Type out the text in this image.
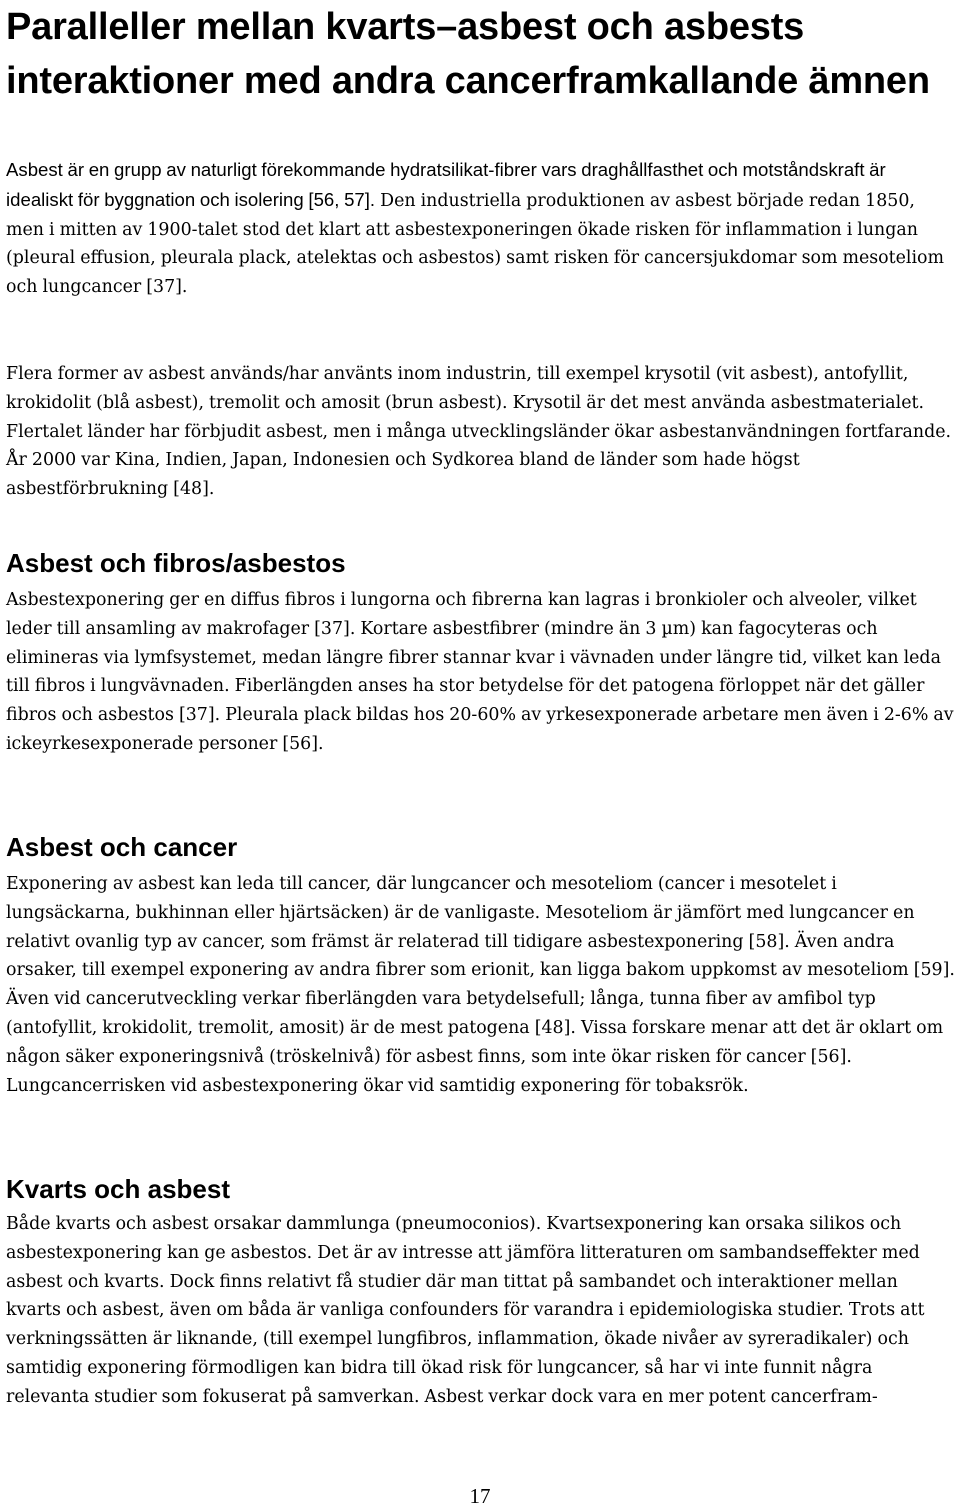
Paralleller mellan kvarts–asbest och asbests interaktioner med andra cancerframkallande ämnen

Asbest är en grupp av naturligt förekommande hydratsilikat-fibrer vars draghållfasthet och motståndskraft är idealiskt för byggnation och isolering [56, 57]. Den industriella produktionen av asbest började redan 1850, men i mitten av 1900-talet stod det klart att asbestexponeringen ökade risken för inflammation i lungan (pleural effusion, pleurala plack, atelektas och asbestos) samt risken för cancersjukdomar som mesoteliom och lungcancer [37].

Flera former av asbest används/har använts inom industrin, till exempel krysotil (vit asbest), antofyllit, krokidolit (blå asbest), tremolit och amosit (brun asbest). Krysotil är det mest använda asbestmaterialet. Flertalet länder har förbjudit asbest, men i många utvecklingsländer ökar asbestanvändningen fortfarande. År 2000 var Kina, Indien, Japan, Indonesien och Sydkorea bland de länder som hade högst asbestförbrukning [48].

Asbest och fibros/asbestos

Asbestexponering ger en diffus fibros i lungorna och fibrerna kan lagras i bronkioler och alveoler, vilket leder till ansamling av makrofager [37]. Kortare asbestfibrer (mindre än 3 µm) kan fagocyteras och elimineras via lymfsystemet, medan längre fibrer stannar kvar i vävnaden under längre tid, vilket kan leda till fibros i lungvävnaden. Fiberlängden anses ha stor betydelse för det patogena förloppet när det gäller fibros och asbestos [37]. Pleurala plack bildas hos 20-60% av yrkesexponerade arbetare men även i 2-6% av ickeyrkesexponerade personer [56].

Asbest och cancer

Exponering av asbest kan leda till cancer, där lungcancer och mesoteliom (cancer i mesotelet i lungsäckarna, bukhinnan eller hjärtsäcken) är de vanligaste. Mesoteliom är jämfört med lungcancer en relativt ovanlig typ av cancer, som främst är relaterad till tidigare asbestexponering [58]. Även andra orsaker, till exempel exponering av andra fibrer som erionit, kan ligga bakom uppkomst av mesoteliom [59]. Även vid cancerutveckling verkar fiberlängden vara betydelsefull; långa, tunna fiber av amfibol typ (antofyllit, krokidolit, tremolit, amosit) är de mest patogena [48]. Vissa forskare menar att det är oklart om någon säker exponeringsnivå (tröskelnivå) för asbest finns, som inte ökar risken för cancer [56]. Lungcancerrisken vid asbestexponering ökar vid samtidig exponering för tobaksrök.

Kvarts och asbest

Både kvarts och asbest orsakar dammlunga (pneumoconios). Kvartsexponering kan orsaka silikos och asbestexponering kan ge asbestos. Det är av intresse att jämföra litteraturen om sambandseffekter med asbest och kvarts. Dock finns relativt få studier där man tittat på sambandet och interaktioner mellan kvarts och asbest, även om båda är vanliga confounders för varandra i epidemiologiska studier. Trots att verkningssätten är liknande, (till exempel lungfibros, inflammation, ökade nivåer av syreradikaler) och samtidig exponering förmodligen kan bidra till ökad risk för lungcancer, så har vi inte funnit några relevanta studier som fokuserat på samverkan. Asbest verkar dock vara en mer potent cancerfram-

17
